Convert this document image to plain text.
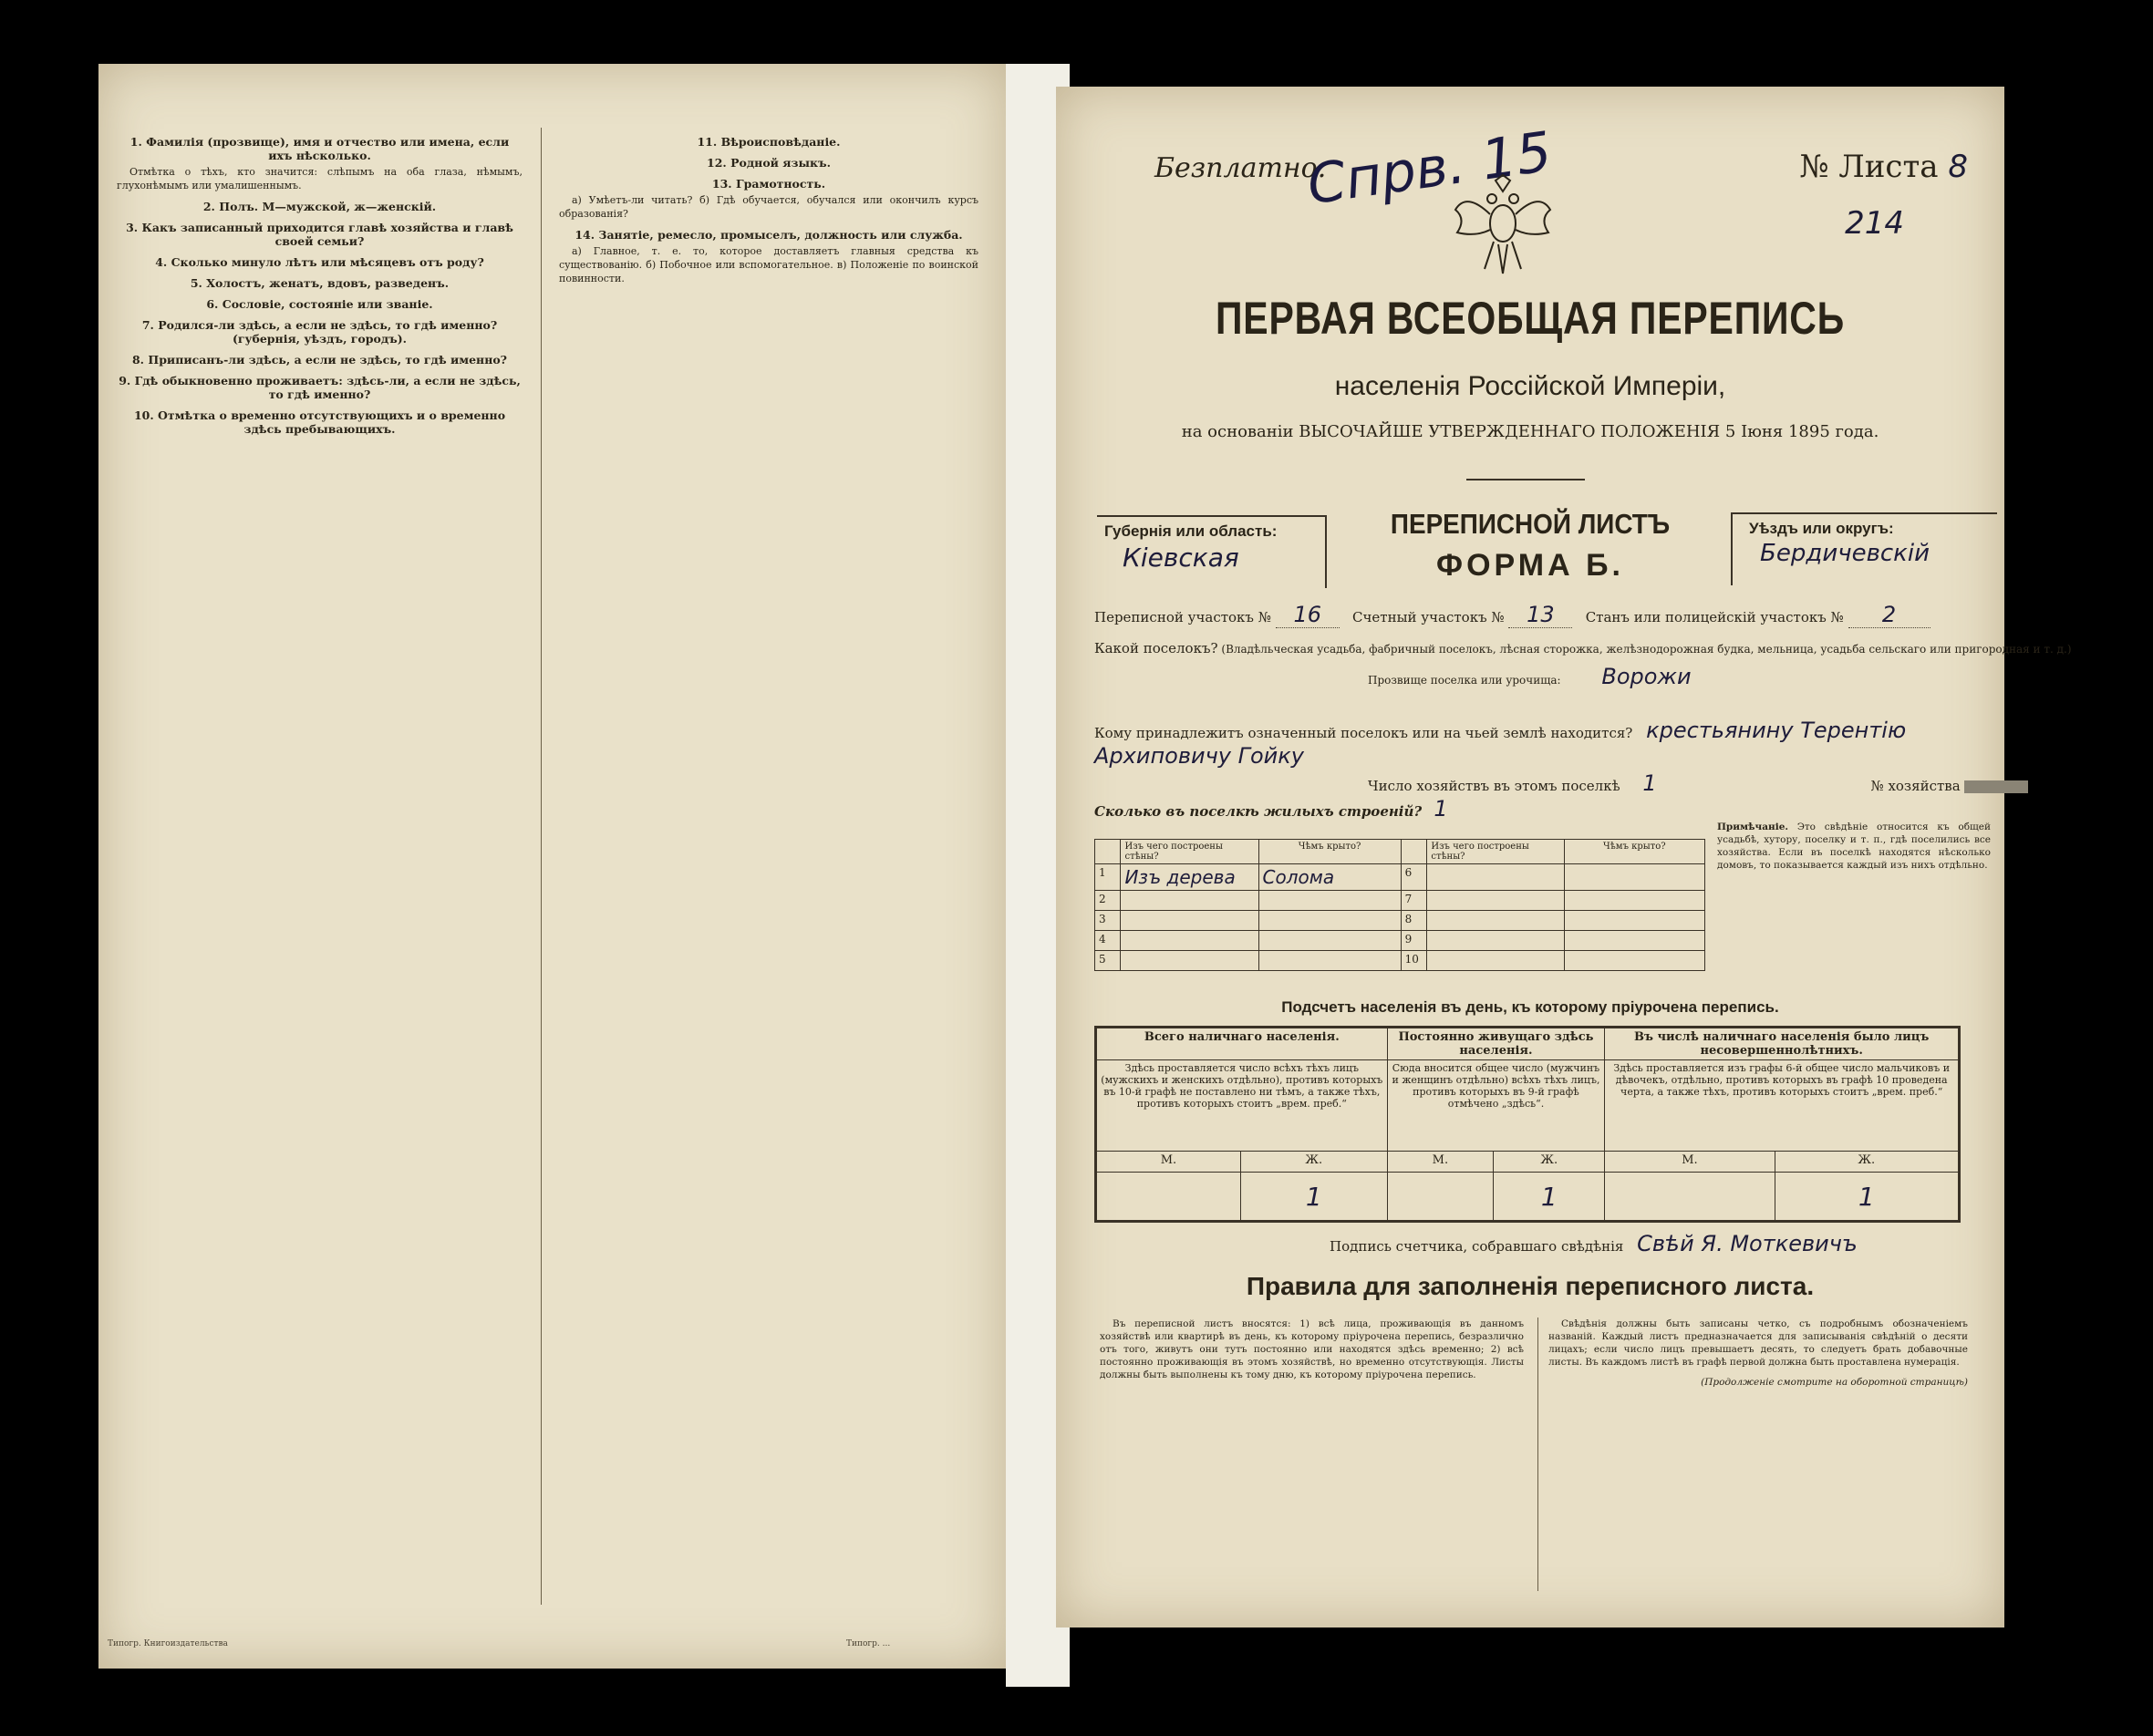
1. Фамилія (прозвище), имя и отчество или имена, если ихъ нѣсколько.

Отмѣтка о тѣхъ, кто значится: слѣпымъ на оба глаза, нѣмымъ, глухонѣмымъ или умалишеннымъ.

2. Полъ. М—мужской, ж—женскій.
3. Какъ записанный приходится главѣ хозяйства и главѣ своей семьи?
4. Сколько минуло лѣтъ или мѣсяцевъ отъ роду?
5. Холостъ, женатъ, вдовъ, разведенъ.
6. Сословіе, состояніе или званіе.
7. Родился-ли здѣсь, а если не здѣсь, то гдѣ именно? (губернія, уѣздъ, городъ).
8. Приписанъ-ли здѣсь, а если не здѣсь, то гдѣ именно?
9. Гдѣ обыкновенно проживаетъ: здѣсь-ли, а если не здѣсь, то гдѣ именно?
10. Отмѣтка о временно отсутствующихъ и о временно здѣсь пребывающихъ.
11. Вѣроисповѣданіе.
12. Родной языкъ.
13. Грамотность.

а) Умѣетъ-ли читать? б) Гдѣ обучается, обучался или окончилъ курсъ образованія?

14. Занятіе, ремесло, промыселъ, должность или служба.

а) Главное, т. е. то, которое доставляетъ главныя средства къ существованію. б) Побочное или вспомогательное. в) Положеніе по воинской повинности.

Типогр. Книгоиздательства	Типогр. ...
Безплатно.
Спрв. 15	№ Листа 8
214
ПЕРВАЯ ВСЕОБЩАЯ ПЕРЕПИСЬ
населенія Россійской Имперіи,
на основаніи ВЫСОЧАЙШЕ УТВЕРЖДЕННАГО ПОЛОЖЕНІЯ 5 Іюня 1895 года.
Губернія или область:
Кіевская
ПЕРЕПИСНОЙ ЛИСТЪ
ФОРМА Б.
Уѣздъ или округъ:
Бердичевскій
Переписной участокъ № 16 Счетный участокъ № 13 Станъ или полицейскій участокъ № 2
Какой поселокъ? (Владѣльческая усадьба, фабричный поселокъ, лѣсная сторожка, желѣзнодорожная будка, мельница, усадьба сельскаго или пригородная и т. д.)
Прозвище поселка или урочища: Ворожи
Кому принадлежитъ означенный поселокъ или на чьей землѣ находится? крестьянину Терентію
Архиповичу Гойку
Число хозяйствъ въ этомъ поселкѣ 1	№ хозяйства
Сколько въ поселкѣ жилыхъ строеній? 1
	Изъ чего построены стѣны?	Чѣмъ крыто?		Изъ чего построены стѣны?	Чѣмъ крыто?
1	Изъ дерева	Солома	6		
2			7		
3			8		
4			9		
5			10		
Примѣчаніе. Это свѣдѣніе относится къ общей усадьбѣ, хутору, поселку и т. п., гдѣ поселились все хозяйства. Если въ поселкѣ находятся нѣсколько домовъ, то показывается каждый изъ нихъ отдѣльно.
Подсчетъ населенія въ день, къ которому пріурочена перепись.
Всего наличнаго населенія.		Постоянно живущаго здѣсь населенія.		Въ числѣ наличнаго населенія было лицъ несовершеннолѣтнихъ.	
Здѣсь проставляется число всѣхъ тѣхъ лицъ (мужскихъ и женскихъ отдѣльно), противъ которыхъ въ 10-й графѣ не поставлено ни тѣмъ, а также тѣхъ, противъ которыхъ стоитъ „врем. преб.“		Сюда вносится общее число (мужчинъ и женщинъ отдѣльно) всѣхъ тѣхъ лицъ, противъ которыхъ въ 9-й графѣ отмѣчено „здѣсь“.		Здѣсь проставляется изъ графы 6-й общее число мальчиковъ и дѣвочекъ, отдѣльно, противъ которыхъ въ графѣ 10 проведена черта, а также тѣхъ, противъ которыхъ стоитъ „врем. преб.“	
М.	Ж.	М.	Ж.	М.	Ж.
	1		1		1
Подпись счетчика, собравшаго свѣдѣнія Свѣй Я. Моткевичъ
Правила для заполненія переписного листа.

Въ переписной листъ вносятся: 1) всѣ лица, проживающія въ данномъ хозяйствѣ или квартирѣ въ день, къ которому пріурочена перепись, безразлично отъ того, живутъ они тутъ постоянно или находятся здѣсь временно; 2) всѣ постоянно проживающія въ этомъ хозяйствѣ, но временно отсутствующія. Листы должны быть выполнены къ тому дню, къ которому пріурочена перепись.

Свѣдѣнія должны быть записаны четко, съ подробнымъ обозначеніемъ названій. Каждый листъ предназначается для записыванія свѣдѣній о десяти лицахъ; если число лицъ превышаетъ десять, то следуетъ брать добавочные листы. Въ каждомъ листѣ въ графѣ первой должна быть проставлена нумерація.

(Продолженіе смотрите на оборотной страницѣ)
